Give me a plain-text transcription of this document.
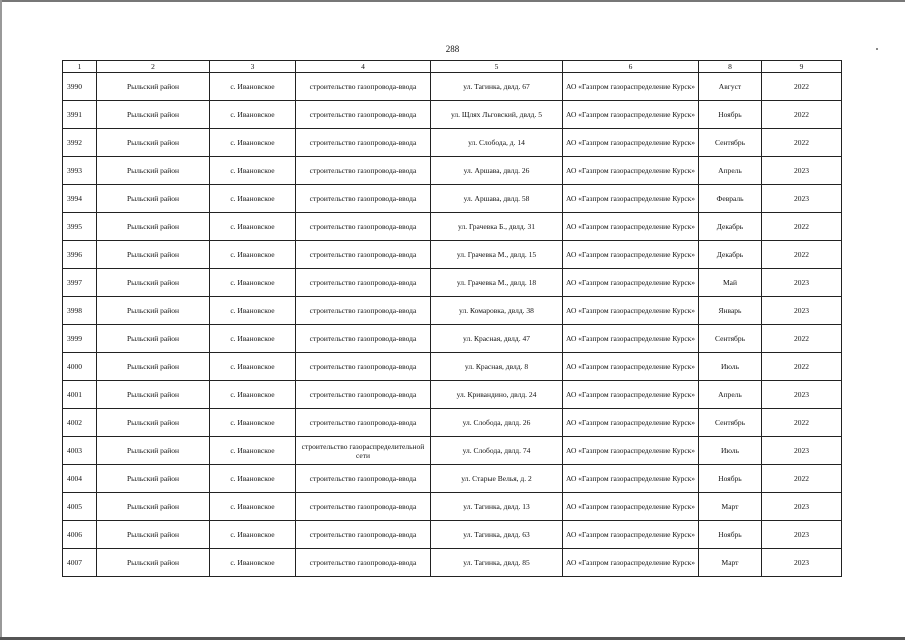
288
1	2	3	4	5	6	8	9
3990	Рыльский район	с. Ивановское	строительство газопровода-ввода	ул. Тагинка, двлд. 67	АО «Газпром газораспределение Курск»	Август	2022
3991	Рыльский район	с. Ивановское	строительство газопровода-ввода	ул. Щлях Льговский, двлд. 5	АО «Газпром газораспределение Курск»	Ноябрь	2022
3992	Рыльский район	с. Ивановское	строительство газопровода-ввода	ул. Слобода, д. 14	АО «Газпром газораспределение Курск»	Сентябрь	2022
3993	Рыльский район	с. Ивановское	строительство газопровода-ввода	ул. Аршава, двлд. 26	АО «Газпром газораспределение Курск»	Апрель	2023
3994	Рыльский район	с. Ивановское	строительство газопровода-ввода	ул. Аршава, двлд. 58	АО «Газпром газораспределение Курск»	Февраль	2023
3995	Рыльский район	с. Ивановское	строительство газопровода-ввода	ул. Грачевка Б., двлд. 31	АО «Газпром газораспределение Курск»	Декабрь	2022
3996	Рыльский район	с. Ивановское	строительство газопровода-ввода	ул. Грачевка М., двлд. 15	АО «Газпром газораспределение Курск»	Декабрь	2022
3997	Рыльский район	с. Ивановское	строительство газопровода-ввода	ул. Грачевка М., двлд. 18	АО «Газпром газораспределение Курск»	Май	2023
3998	Рыльский район	с. Ивановское	строительство газопровода-ввода	ул. Комаровка, двлд. 38	АО «Газпром газораспределение Курск»	Январь	2023
3999	Рыльский район	с. Ивановское	строительство газопровода-ввода	ул. Красная, двлд. 47	АО «Газпром газораспределение Курск»	Сентябрь	2022
4000	Рыльский район	с. Ивановское	строительство газопровода-ввода	ул. Красная, двлд. 8	АО «Газпром газораспределение Курск»	Июль	2022
4001	Рыльский район	с. Ивановское	строительство газопровода-ввода	ул. Кривандино, двлд. 24	АО «Газпром газораспределение Курск»	Апрель	2023
4002	Рыльский район	с. Ивановское	строительство газопровода-ввода	ул. Слобода, двлд. 26	АО «Газпром газораспределение Курск»	Сентябрь	2022
4003	Рыльский район	с. Ивановское	строительство газораспределительной сети	ул. Слобода, двлд. 74	АО «Газпром газораспределение Курск»	Июль	2023
4004	Рыльский район	с. Ивановское	строительство газопровода-ввода	ул. Старые Велья, д. 2	АО «Газпром газораспределение Курск»	Ноябрь	2022
4005	Рыльский район	с. Ивановское	строительство газопровода-ввода	ул. Тагинка, двлд. 13	АО «Газпром газораспределение Курск»	Март	2023
4006	Рыльский район	с. Ивановское	строительство газопровода-ввода	ул. Тагинка, двлд. 63	АО «Газпром газораспределение Курск»	Ноябрь	2023
4007	Рыльский район	с. Ивановское	строительство газопровода-ввода	ул. Тагинка, двлд. 85	АО «Газпром газораспределение Курск»	Март	2023
